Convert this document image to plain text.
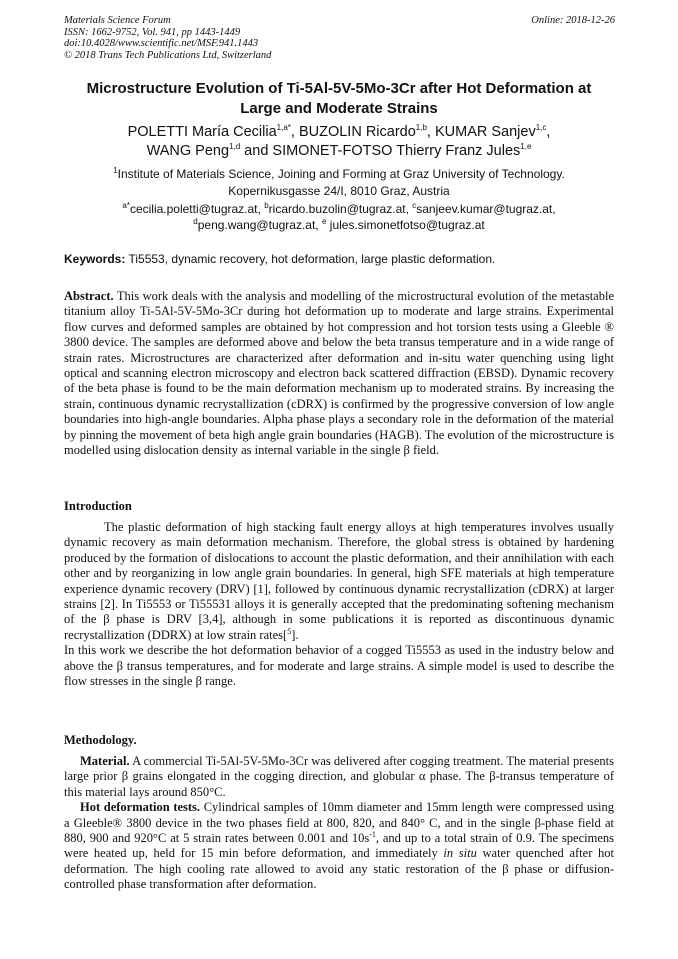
Materials Science Forum
ISSN: 1662-9752, Vol. 941, pp 1443-1449
doi:10.4028/www.scientific.net/MSF.941.1443
© 2018 Trans Tech Publications Ltd, Switzerland
Online: 2018-12-26
Microstructure Evolution of Ti-5Al-5V-5Mo-3Cr after Hot Deformation at
Large and Moderate Strains
POLETTI María Cecilia$^{1,a*}$, BUZOLIN Ricardo$^{1,b}$, KUMAR Sanjev$^{1,c}$,
WANG Peng$^{1,d}$ and SIMONET-FOTSO Thierry Franz Jules$^{1,e}$
$^1$Institute of Materials Science, Joining and Forming at Graz University of Technology.
Kopernikusgasse 24/I, 8010 Graz, Austria
$^{a*}$cecilia.poletti@tugraz.at, $^b$ricardo.buzolin@tugraz.at, $^c$sanjeev.kumar@tugraz.at,
$^d$peng.wang@tugraz.at, $^e$ jules.simonetfotso@tugraz.at
Keywords: Ti5553, dynamic recovery, hot deformation, large plastic deformation.
Abstract. This work deals with the analysis and modelling of the microstructural evolution of the metastable titanium alloy Ti-5Al-5V-5Mo-3Cr during hot deformation up to moderate and large strains. Experimental flow curves and deformed samples are obtained by hot compression and hot torsion tests using a Gleeble ® 3800 device. The samples are deformed above and below the beta transus temperature and in a wide range of strain rates. Microstructures are characterized after deformation and in-situ water quenching using light optical and scanning electron microscopy and electron back scattered diffraction (EBSD). Dynamic recovery of the beta phase is found to be the main deformation mechanism up to moderated strains. By increasing the strain, continuous dynamic recrystallization (cDRX) is confirmed by the progressive conversion of low angle boundaries into high-angle boundaries. Alpha phase plays a secondary role in the deformation of the material by pinning the movement of beta high angle grain boundaries (HAGB). The evolution of the microstructure is modelled using dislocation density as internal variable in the single β field.
Introduction

The plastic deformation of high stacking fault energy alloys at high temperatures involves usually dynamic recovery as main deformation mechanism. Therefore, the global stress is obtained by hardening produced by the formation of dislocations to account the plastic deformation, and their annihilation with each other and by reorganizing in low angle grain boundaries. In general, high SFE materials at high temperature experience dynamic recovery (DRV) [1], followed by continuous dynamic recrystallization (cDRX) at larger strains [2]. In Ti5553 or Ti55531 alloys it is generally accepted that the predominating softening mechanism of the β phase is DRV [3,4], although in some publications it is reported as discontinuous dynamic recrystallization (DDRX) at low strain rates[$^5$].

In this work we describe the hot deformation behavior of a cogged Ti5553 as used in the industry below and above the β transus temperatures, and for moderate and large strains. A simple model is used to describe the flow stresses in the single β range.

Methodology.

Material. A commercial Ti-5Al-5V-5Mo-3Cr was delivered after cogging treatment. The material presents large prior β grains elongated in the cogging direction, and globular α phase. The β-transus temperature of this material lays around 850°C.

Hot deformation tests. Cylindrical samples of 10mm diameter and 15mm length were compressed using a Gleeble® 3800 device in the two phases field at 800, 820, and 840° C, and in the single β-phase field at 880, 900 and 920°C at 5 strain rates between 0.001 and $10s^{-1}$, and up to a total strain of 0.9. The specimens were heated up, held for 15 min before deformation, and immediately in situ water quenched after hot deformation. The high cooling rate allowed to avoid any static restoration of the β phase or diffusion-controlled phase transformation after deformation.
